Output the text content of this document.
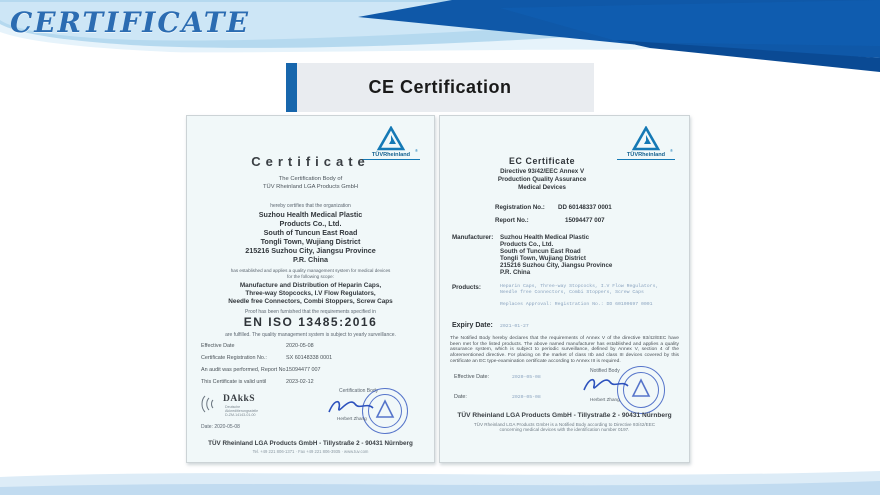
CERTIFICATE
CE Certification
®
TÜVRheinland
Certificate
The Certification Body of
TÜV Rheinland LGA Products GmbH
hereby certifies that the organization
Suzhou Health Medical Plastic
Products Co., Ltd.
South of Tuncun East Road
Tongli Town, Wujiang District
215216 Suzhou City, Jiangsu Province
P.R. China
has established and applies a quality management system for medical devices
for the following scope:
Manufacture and Distribution of Heparin Caps,
Three-way Stopcocks, I.V Flow Regulators,
Needle free Connectors, Combi Stoppers, Screw Caps
Proof has been furnished that the requirements specified in
EN ISO 13485:2016
are fulfilled. The quality management system is subject to yearly surveillance.
Effective Date	2020-05-08
Certificate Registration No.:	SX 60148338 0001
An audit was performed, Report No. 15094477 007
This Certificate is valid until	2023-02-12
Certification Body
DAkkS
Deutsche

Akkreditierungsstelle

D-ZM-14143-01-00
Date: 2020-05-08
Herbert Zhang
TÜV Rheinland LGA Products GmbH - Tillystraße 2 - 90431 Nürnberg
Tel. +49 221 806-1371 · Fax +49 221 806-3935 · www.tuv.com
®
TÜVRheinland
EC Certificate
Directive 93/42/EEC Annex V
Production Quality Assurance
Medical Devices
Registration No.: DD 60148337 0001
Report No.:	15094477 007
Manufacturer: Suzhou Health Medical Plastic
Products Co., Ltd.
South of Tuncun East Road
Tongli Town, Wujiang District
215216 Suzhou City, Jiangsu Province
P.R. China
Products:	Heparin Caps, Three-way Stopcocks, I.V Flow Regulators,
Needle free Connectors, Combi Stoppers, Screw Caps
Replaces Approval: Registration No.: DD 60109697 0001
Expiry Date: 2021-01-27
The Notified Body hereby declares that the requirements of Annex V of the directive 93/42/EEC have been met for the listed products. The above named manufacturer has established and applies a quality assurance system, which is subject to periodic surveillance, defined by Annex V, section 4 of the aforementioned directive. For placing on the market of class IIb and class III devices covered by this certificate an EC type-examination certificate according to Annex III is required.
Notified Body
Effective Date:	2020-05-08
Date:	2020-05-08	Herbert Zhang
TÜV Rheinland LGA Products GmbH - Tillystraße 2 - 90431 Nürnberg
TÜV Rheinland LGA Products GmbH is a Notified Body according to Directive 93/42/EEC concerning medical devices with the identification number 0197.
